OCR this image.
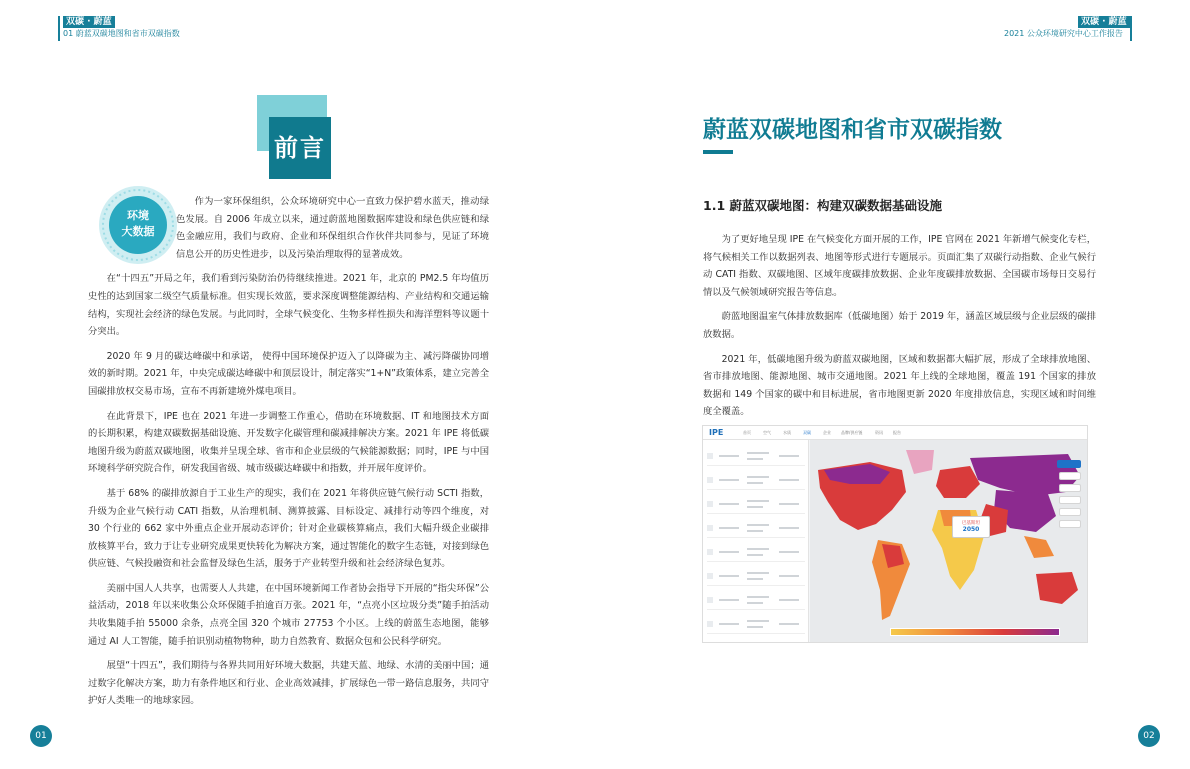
双碳 · 蔚蓝
01 蔚蓝双碳地图和省市双碳指数
双碳 · 蔚蓝
2021 公众环境研究中心工作报告
前言
环境
大数据

作为一家环保组织，公众环境研究中心一直致力保护碧水蓝天，推动绿色发展。自 2006 年成立以来，通过蔚蓝地图数据库建设和绿色供应链和绿色金融应用，我们与政府、企业和环保组织合作伙伴共同参与，见证了环境信息公开的历史性进步，以及污染治理取得的显著成效。

在“十四五”开局之年，我们看到污染防治仍待继续推进。2021 年，北京的 PM2.5 年均值历史性的达到国家二级空气质量标准。但实现长效蓝，要求深度调整能源结构、产业结构和交通运输结构，实现社会经济的绿色发展。与此同时，全球气候变化、生物多样性损失和海洋塑料等议题十分突出。

2020 年 9 月的碳达峰碳中和承诺， 使得中国环境保护迈入了以降碳为主、减污降碳协同增效的新时期。2021 年，中央完成碳达峰碳中和顶层设计，制定落实“1+N”政策体系，建立完善全国碳排放权交易市场，宣布不再新建境外煤电项目。

在此背景下，IPE 也在 2021 年进一步调整工作重心，借助在环境数据、IT 和地图技术方面的长期积累，构建双碳数据基础设施、开发数字化碳管理和碳减排解决方案。2021 年 IPE 将低碳地图升级为蔚蓝双碳地图，收集并呈现全球、省市和企业层级的气候能源数据；同时，IPE 与中国环境科学研究院合作，研发我国省级、城市级碳达峰碳中和指数，并开展年度评价。

基于 68% 的碳排放源自于工业生产的现实，我们在 2021 年将供应链气候行动 SCTI 指数，升级为企业气候行动 CATI 指数，从治理机制、测算披露、目标设定、减排行动等四个维度，对 30 个行业的 662 家中外重点企业开展动态评价；针对企业碳核算痛点，我们大幅升级企业碳排放核算平台，致力于让专业研究成果更快转化为解决方案，通过智能化的数字生态链，对接到绿色供应链、气候投融资和社会监督及绿色生活，服务于产业转型升级和社会经济绿色复苏。

美丽中国人人共享，也需要人人共建，在中国环境新闻工作者协会指导下开展的“指尖环保”公益活动，2018 年以来收集公众环保随手拍逾百万张。2021 年，“点亮小区垃圾分类”随手拍活动共收集随手拍 55000 余条，点亮全国 320 个城市 27753 个小区。上线的蔚蓝生态地图，能够通过 AI 人工智能，随手拍识别动植物物种，助力自然教育、数据众包和公民科学研究。

展望“十四五”，我们期待与各界共同用好环境大数据，共建天蓝、地绿、水清的美丽中国；通过数字化解决方案，助力有条件地区和行业、企业高效减排，扩展绿色一带一路信息服务，共同守护好人类唯一的地球家园。

01
蔚蓝双碳地图和省市双碳指数
1.1 蔚蓝双碳地图：构建双碳数据基础设施

为了更好地呈现 IPE 在气候变化方面开展的工作，IPE 官网在 2021 年新增气候变化专栏，将气候相关工作以数据列表、地图等形式进行专题展示。页面汇集了双碳行动指数、企业气候行动 CATI 指数、双碳地图、区域年度碳排放数据、企业年度碳排放数据、全国碳市场每日交易行情以及气候领域研究报告等信息。

蔚蓝地图温室气体排放数据库（低碳地图）始于 2019 年，涵盖区域层级与企业层级的碳排放数据。

2021 年，低碳地图升级为蔚蓝双碳地图，区域和数据都大幅扩展，形成了全球排放地图、省市排放地图、能源地图、城市交通地图。2021 年上线的全球地图，覆盖 191 个国家的排放数据和 149 个国家的碳中和目标进展，省市地图更新 2020 年度排放信息，实现区域和时间维度全覆盖。

IPE	首页	空气	水质	双碳	企业	品牌/供应链	资讯	报告
巴基斯坦
2050
02
